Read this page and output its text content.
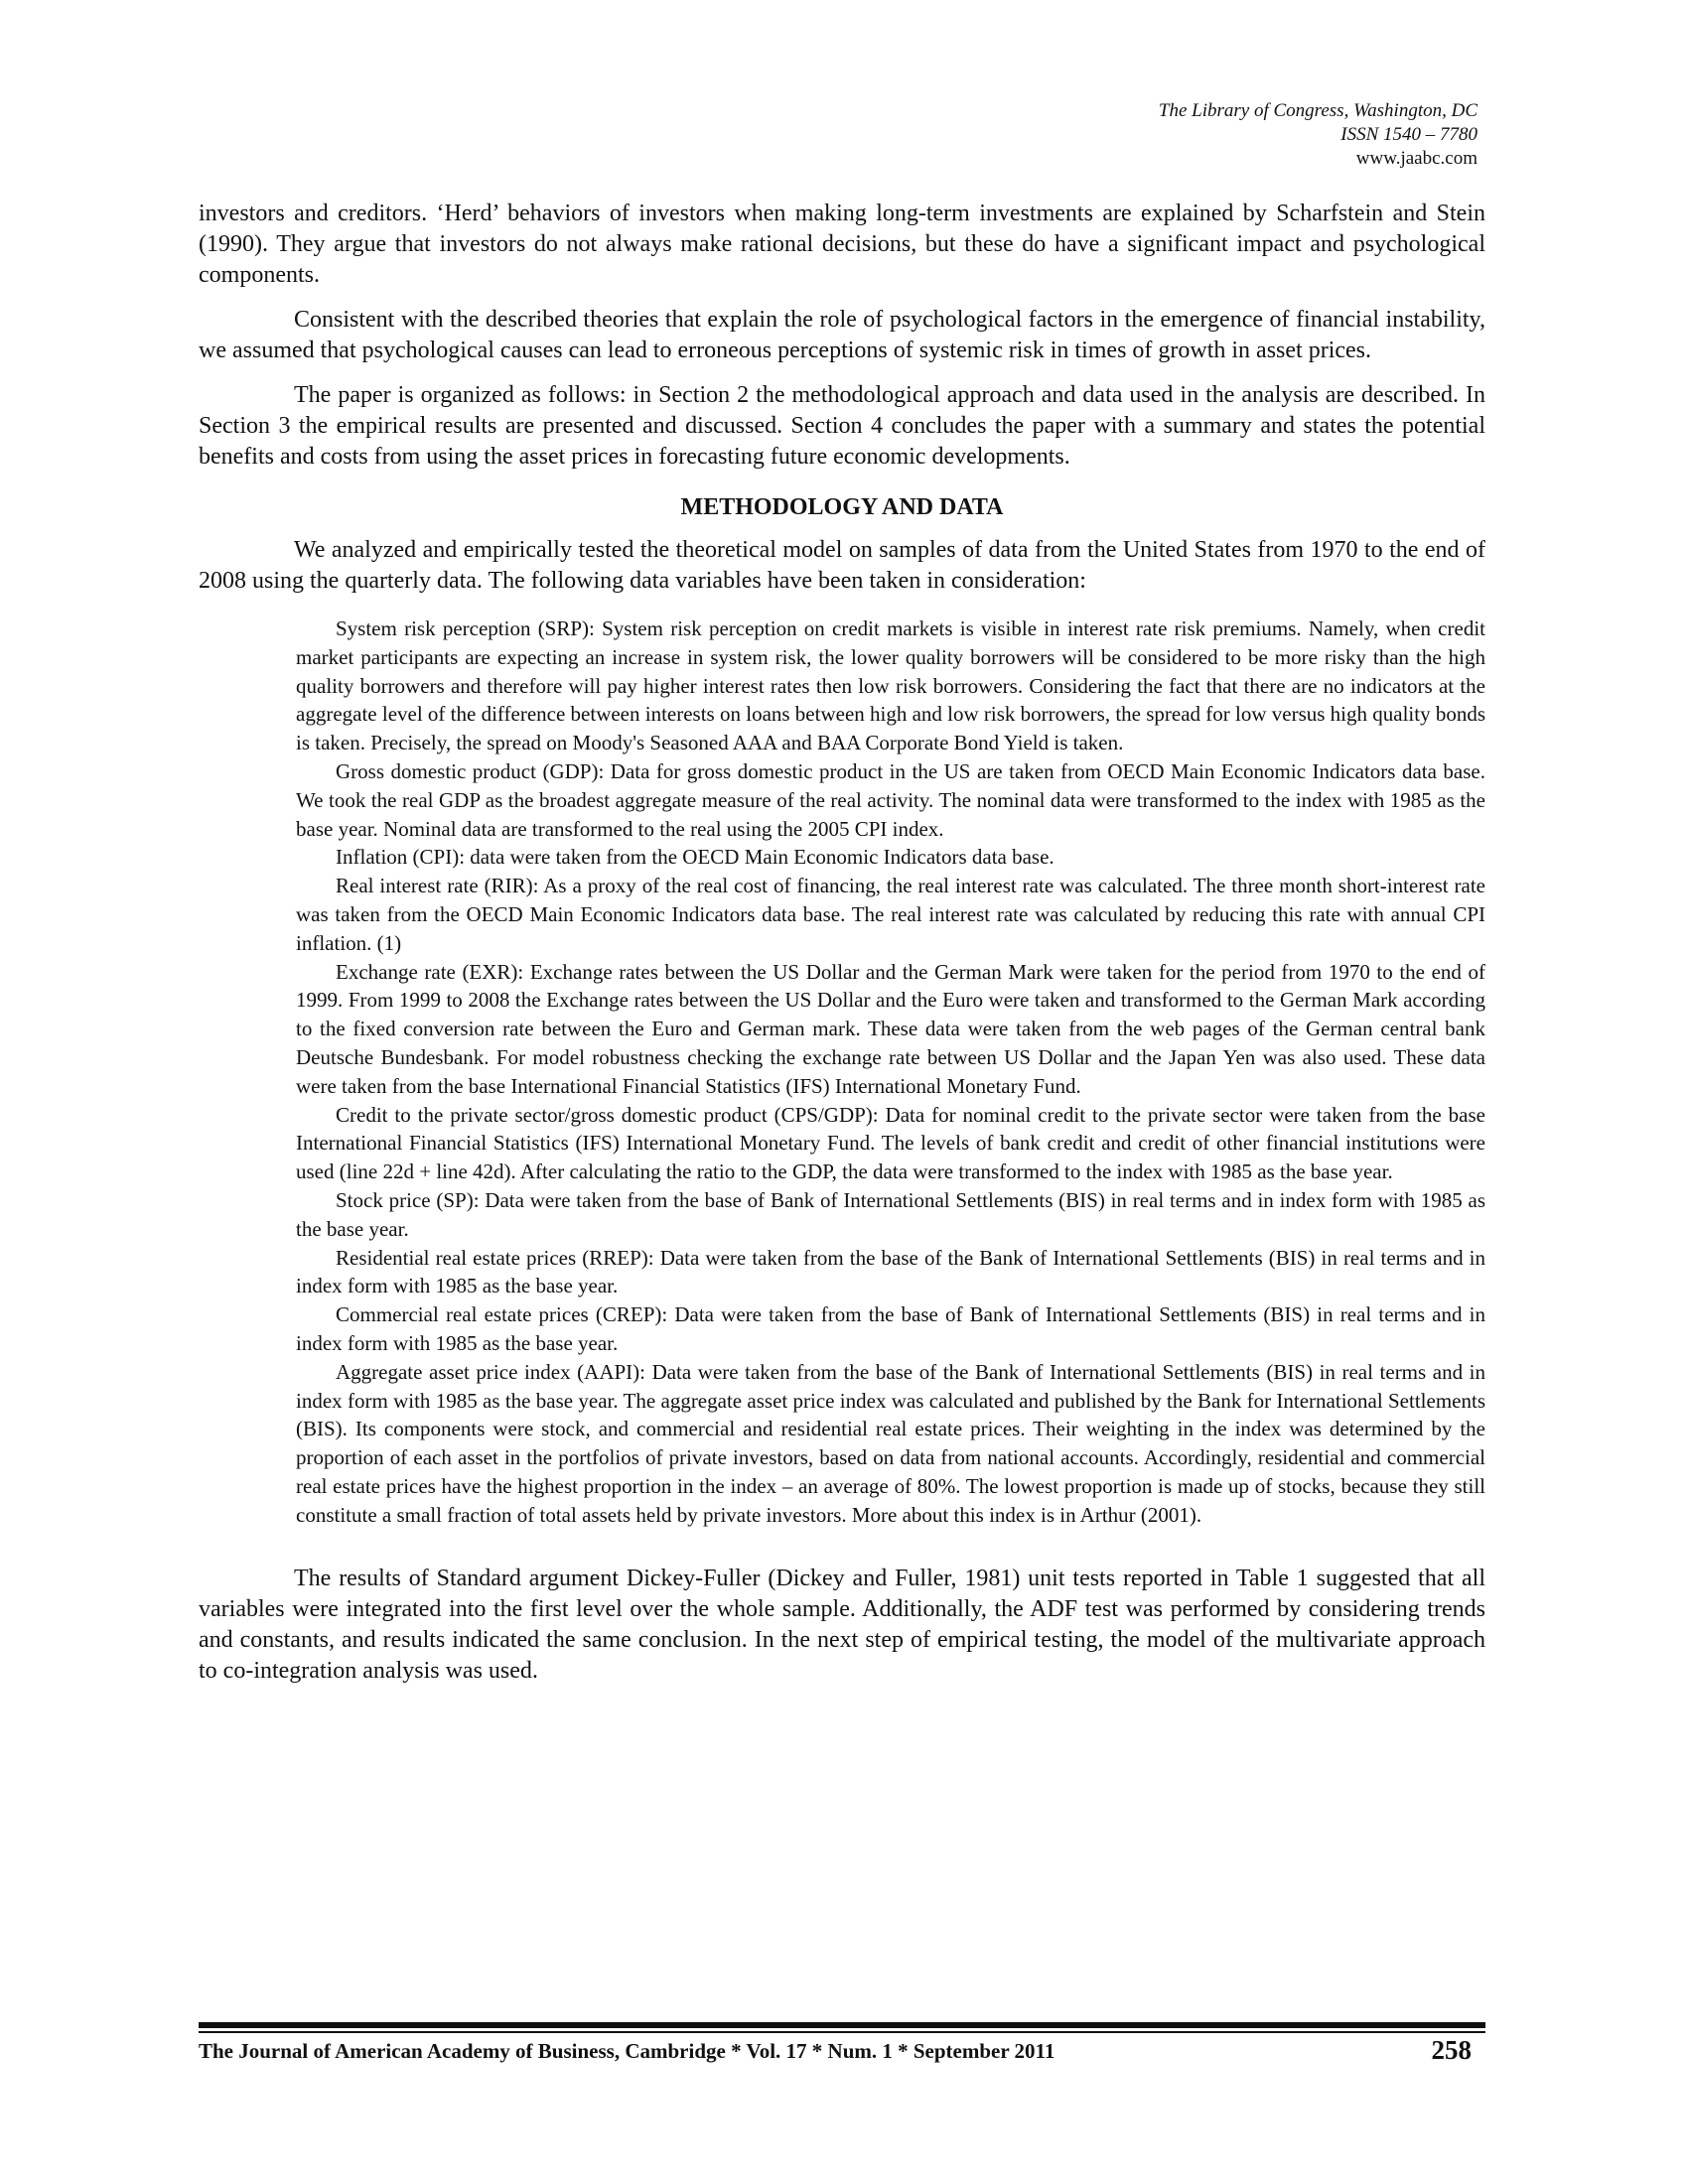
The Library of Congress, Washington, DC
ISSN 1540 – 7780
www.jaabc.com

investors and creditors. ‘Herd’ behaviors of investors when making long-term investments are explained by Scharfstein and Stein (1990). They argue that investors do not always make rational decisions, but these do have a significant impact and psychological components.

Consistent with the described theories that explain the role of psychological factors in the emergence of financial instability, we assumed that psychological causes can lead to erroneous perceptions of systemic risk in times of growth in asset prices.

The paper is organized as follows: in Section 2 the methodological approach and data used in the analysis are described. In Section 3 the empirical results are presented and discussed. Section 4 concludes the paper with a summary and states the potential benefits and costs from using the asset prices in forecasting future economic developments.

METHODOLOGY AND DATA

We analyzed and empirically tested the theoretical model on samples of data from the United States from 1970 to the end of 2008 using the quarterly data. The following data variables have been taken in consideration:

System risk perception (SRP): System risk perception on credit markets is visible in interest rate risk premiums. Namely, when credit market participants are expecting an increase in system risk, the lower quality borrowers will be considered to be more risky than the high quality borrowers and therefore will pay higher interest rates then low risk borrowers. Considering the fact that there are no indicators at the aggregate level of the difference between interests on loans between high and low risk borrowers, the spread for low versus high quality bonds is taken. Precisely, the spread on Moody's Seasoned AAA and BAA Corporate Bond Yield is taken.

Gross domestic product (GDP): Data for gross domestic product in the US are taken from OECD Main Economic Indicators data base. We took the real GDP as the broadest aggregate measure of the real activity. The nominal data were transformed to the index with 1985 as the base year. Nominal data are transformed to the real using the 2005 CPI index.

Inflation (CPI): data were taken from the OECD Main Economic Indicators data base.

Real interest rate (RIR): As a proxy of the real cost of financing, the real interest rate was calculated. The three month short-interest rate was taken from the OECD Main Economic Indicators data base. The real interest rate was calculated by reducing this rate with annual CPI inflation. (1)

Exchange rate (EXR): Exchange rates between the US Dollar and the German Mark were taken for the period from 1970 to the end of 1999. From 1999 to 2008 the Exchange rates between the US Dollar and the Euro were taken and transformed to the German Mark according to the fixed conversion rate between the Euro and German mark. These data were taken from the web pages of the German central bank Deutsche Bundesbank. For model robustness checking the exchange rate between US Dollar and the Japan Yen was also used. These data were taken from the base International Financial Statistics (IFS) International Monetary Fund.

Credit to the private sector/gross domestic product (CPS/GDP): Data for nominal credit to the private sector were taken from the base International Financial Statistics (IFS) International Monetary Fund. The levels of bank credit and credit of other financial institutions were used (line 22d + line 42d). After calculating the ratio to the GDP, the data were transformed to the index with 1985 as the base year.

Stock price (SP): Data were taken from the base of Bank of International Settlements (BIS) in real terms and in index form with 1985 as the base year.

Residential real estate prices (RREP): Data were taken from the base of the Bank of International Settlements (BIS) in real terms and in index form with 1985 as the base year.

Commercial real estate prices (CREP): Data were taken from the base of Bank of International Settlements (BIS) in real terms and in index form with 1985 as the base year.

Aggregate asset price index (AAPI): Data were taken from the base of the Bank of International Settlements (BIS) in real terms and in index form with 1985 as the base year. The aggregate asset price index was calculated and published by the Bank for International Settlements (BIS). Its components were stock, and commercial and residential real estate prices. Their weighting in the index was determined by the proportion of each asset in the portfolios of private investors, based on data from national accounts. Accordingly, residential and commercial real estate prices have the highest proportion in the index – an average of 80%. The lowest proportion is made up of stocks, because they still constitute a small fraction of total assets held by private investors. More about this index is in Arthur (2001).

The results of Standard argument Dickey-Fuller (Dickey and Fuller, 1981) unit tests reported in Table 1 suggested that all variables were integrated into the first level over the whole sample. Additionally, the ADF test was performed by considering trends and constants, and results indicated the same conclusion. In the next step of empirical testing, the model of the multivariate approach to co-integration analysis was used.

The Journal of American Academy of Business, Cambridge * Vol. 17 * Num. 1 * September 2011	258
